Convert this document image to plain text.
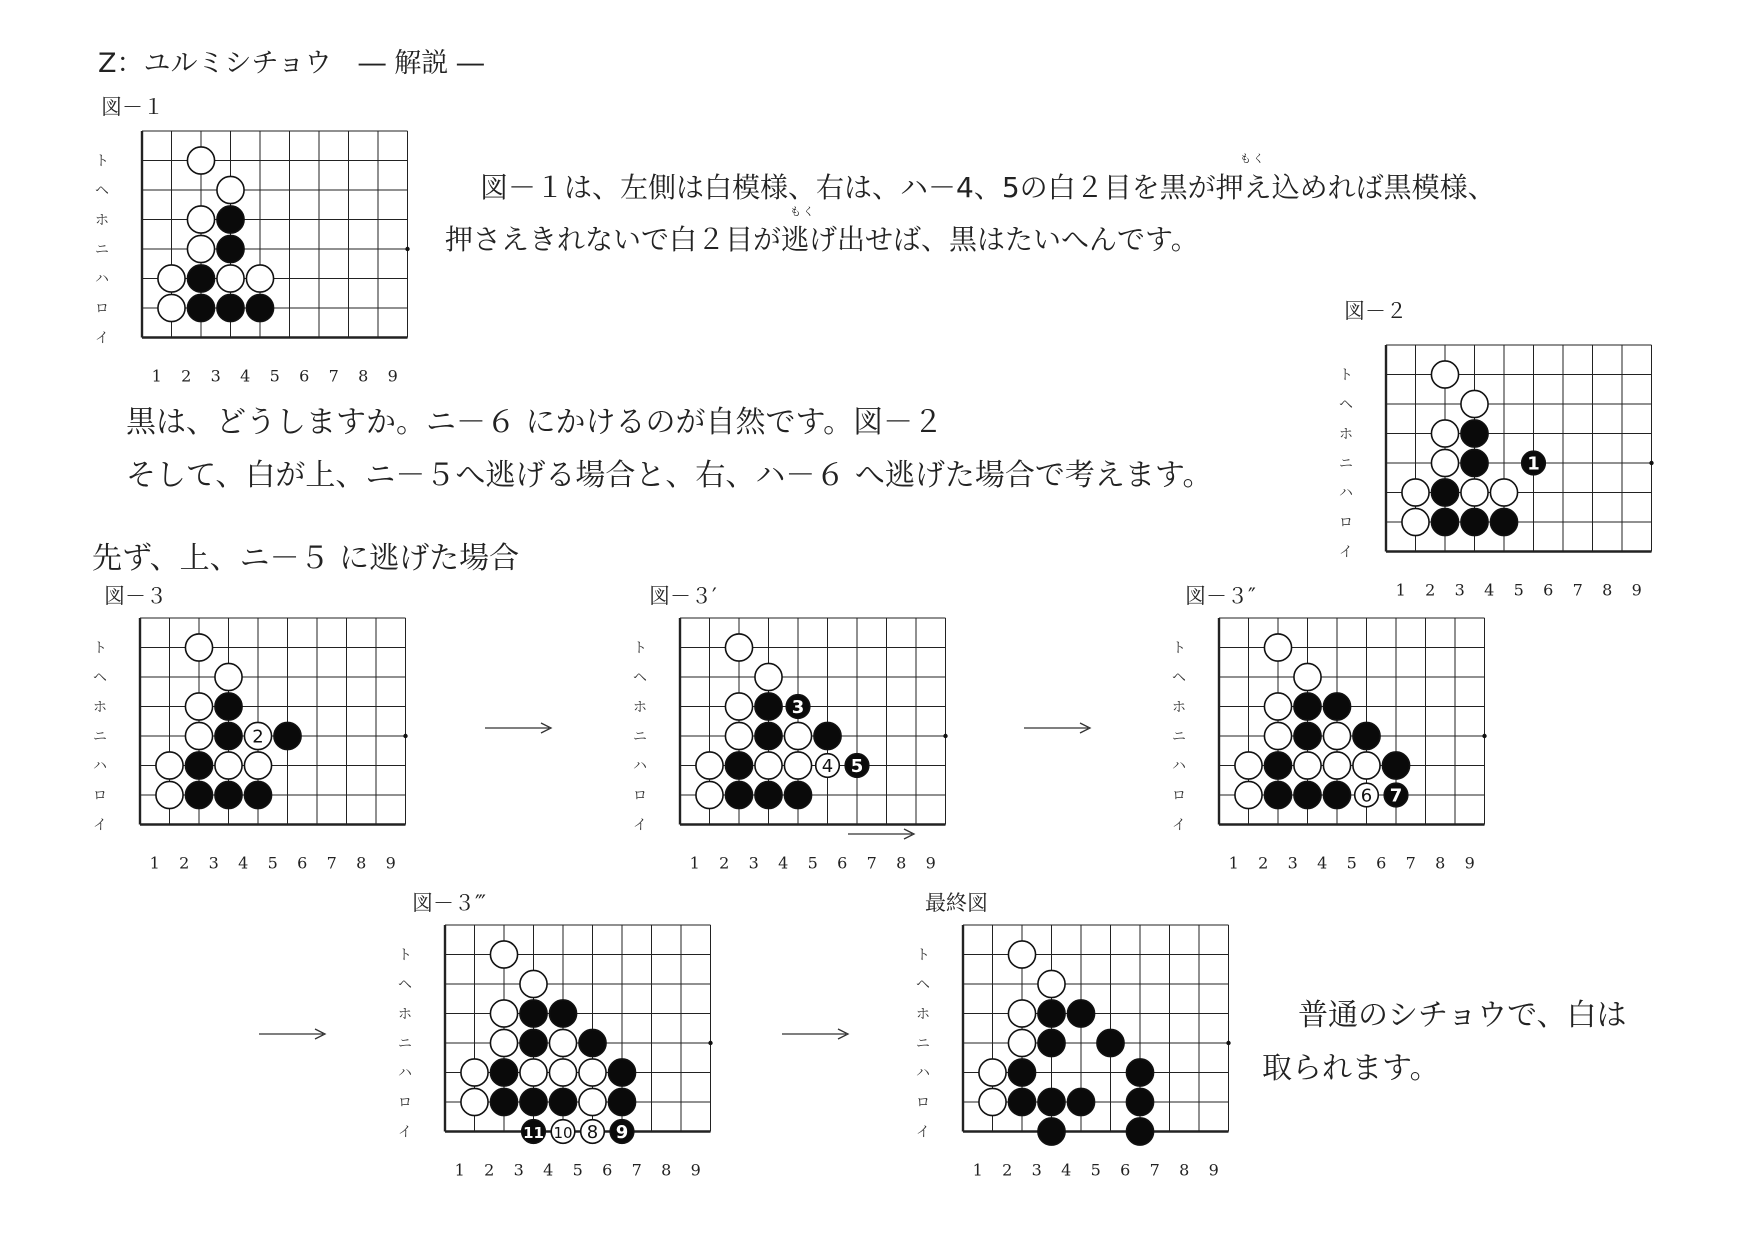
Z：ユルミシチョウ　― 解説 ―
図－１は、左側は白模様、右は、ハ－4、5の白２目を黒が押え込めれば黒模様、
もく
押さえきれないで白２目が逃げ出せば、黒はたいへんです。
もく
黒は、どうしますか。ニ－６ にかけるのが自然です。図－２
そして、白が上、ニ－５へ逃げる場合と、右、ハ－６ へ逃げた場合で考えます。
先ず、上、ニ－５ に逃げた場合
普通のシチョウで、白は
取られます。
図－１
図－２
図－３	図－３′	図－３″
図－３‴	最終図
ト
ヘ
ホ
ニ
ハ
ロ
イ
1 2 3 4 5 6 7 8 9	ト
ヘ
ホ
ニ
ハ
ロ
イ
1 2 3 4 5 6 7 8 9
1
ト
ヘ
ホ
ニ
ハ
ロ
イ
1 2 3 4 5 6 7 8 9
2
ト
ヘ
ホ
ニ
ハ
ロ
イ
1 2 3 4 5 6 7 8 9
3
4 5
ト
ヘ
ホ
ニ
ハ
ロ
イ
1 2 3 4 5 6 7 8 9
6 7
ト
ヘ
ホ
ニ
ハ
ロ
イ
1 2 3 4 5 6 7 8 9
11 10 8 9
ト
ヘ
ホ
ニ
ハ
ロ
イ
1 2 3 4 5 6 7 8 9
